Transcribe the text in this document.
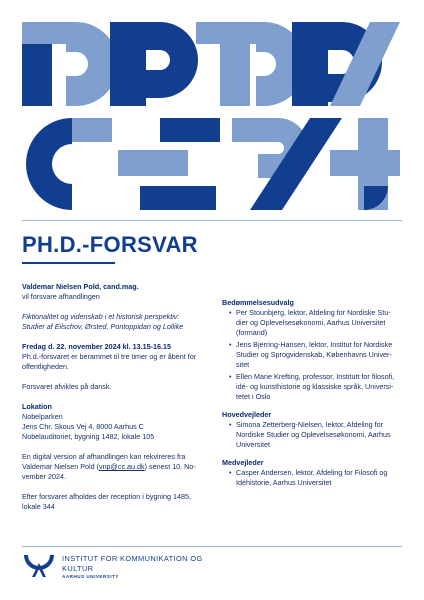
PH.D.-FORSVAR
Valdemar Nielsen Pold, cand.mag.
vil forsvare afhandlingen
Fiktionalitet og videnskab i et historisk perspektiv:
Studier af Eilschov, Ørsted, Pontoppidan og Lollike
Fredag d. 22. november 2024 kl. 13.15-16.15
Ph.d.-forsvaret er berammet til tre timer og er åbent for
offentligheden.
Forsvaret afvikles på dansk.
Lokation
Nobelparken
Jens Chr. Skous Vej 4, 8000 Aarhus C
Nobelauditoriet, bygning 1482, lokale 105
En digital version af afhandlingen kan rekvireres fra
Valdemar Nielsen Pold (vnp@cc.au.dk) senest 10. No-
vember 2024.
Efter forsvaret afholdes der reception i bygning 1485,
lokale 344
Bedømmelsesudvalg
• Per Stounbjerg, lektor, Afdeling for Nordiske Stu-
dier og Oplevelsesøkonomi, Aarhus Universitet
(formand)
• Jens Bjerring-Hansen, lektor, Institut for Nordiske
Studier og Sprogvidenskab, Københavns Univer-
sitet
• Ellen Marie Krefting, professor, Institutt for filosofi,
idé- og kunsthistorie og klassiske språk, Universi-
tetet i Oslo
Hovedvejleder
• Simona Zetterberg-Nielsen, lektor, Afdeling for
Nordiske Studier og Oplevelsesøkonomi, Aarhus
Universitet
Medvejleder
• Casper Andersen, lektor, Afdeling for Filosofi og
Idéhistorie, Aarhus Universitet
INSTITUT FOR KOMMUNIKATION OG
KULTUR
AARHUS UNIVERSITY
